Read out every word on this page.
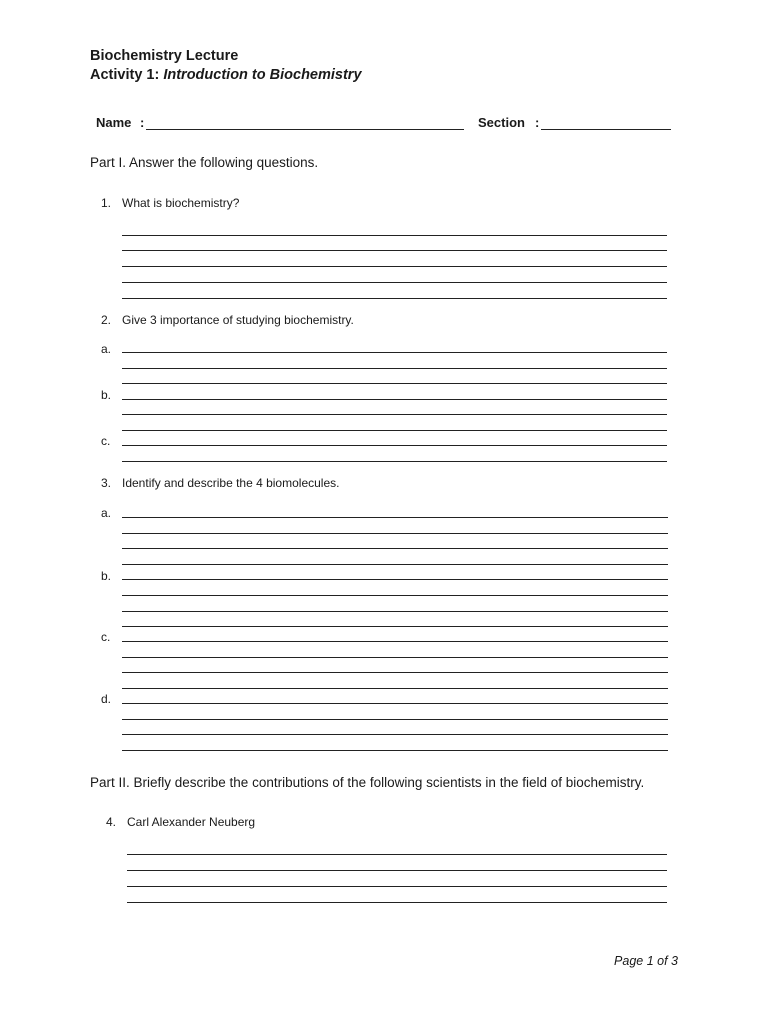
Biochemistry Lecture
Activity 1: Introduction to Biochemistry
Name :	Section :
Part I. Answer the following questions.
1. What is biochemistry?
2. Give 3 importance of studying biochemistry.
a.
b.
c.
3. Identify and describe the 4 biomolecules.
a.
b.
c.
d.
Part II. Briefly describe the contributions of the following scientists in the field of biochemistry.
4. Carl Alexander Neuberg
Page 1 of 3
